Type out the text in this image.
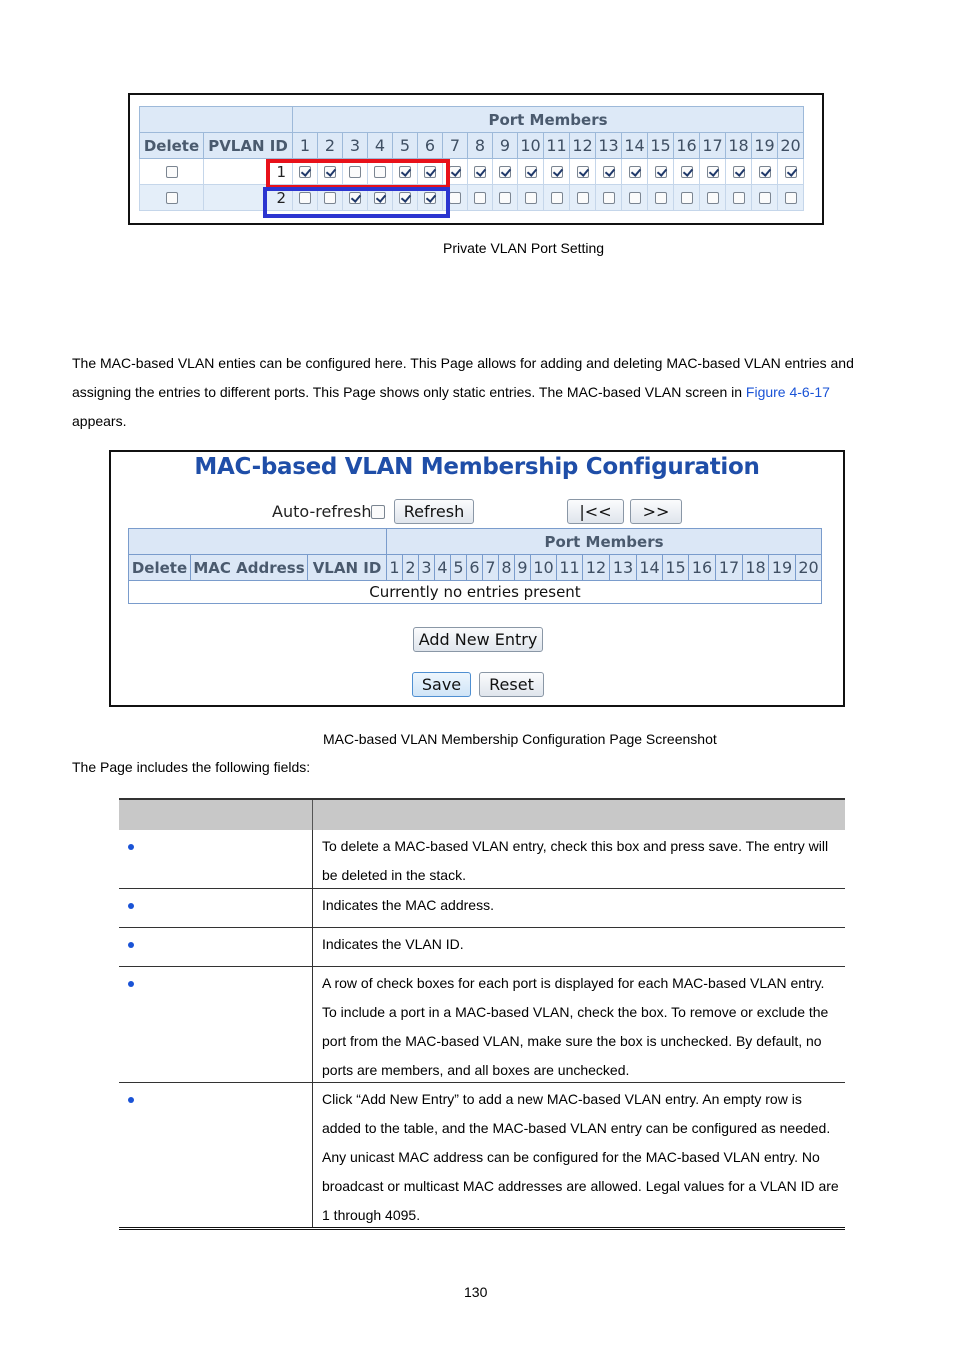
		Port Members																			
Delete	PVLAN ID	1	2	3	4	5	6	7	8	9	10	11	12	13	14	15	16	17	18	19	20
	1																				
	2																				
Private VLAN Port Setting
The MAC-based VLAN enties can be configured here. This Page allows for adding and deleting MAC-based VLAN entries and
assigning the entries to different ports. This Page shows only static entries. The MAC-based VLAN screen in Figure 4-6-17
appears.
MAC-based VLAN Membership Configuration
Auto-refresh	Refresh	|<<	>>
			Port Members																			
Delete	MAC Address	VLAN ID	1	2	3	4	5	6	7	8	9	10	11	12	13	14	15	16	17	18	19	20
Currently no entries present																						
Add New Entry
Save	Reset
MAC-based VLAN Membership Configuration Page Screenshot
The Page includes the following fields:
To delete a MAC-based VLAN entry, check this box and press save. The entry will be deleted in the stack.
Indicates the MAC address.
Indicates the VLAN ID.
A row of check boxes for each port is displayed for each MAC-based VLAN entry. To include a port in a MAC-based VLAN, check the box. To remove or exclude the port from the MAC-based VLAN, make sure the box is unchecked. By default, no ports are members, and all boxes are unchecked.
Click “Add New Entry” to add a new MAC-based VLAN entry. An empty row is added to the table, and the MAC-based VLAN entry can be configured as needed. Any unicast MAC address can be configured for the MAC-based VLAN entry. No broadcast or multicast MAC addresses are allowed. Legal values for a VLAN ID are 1 through 4095.
130
